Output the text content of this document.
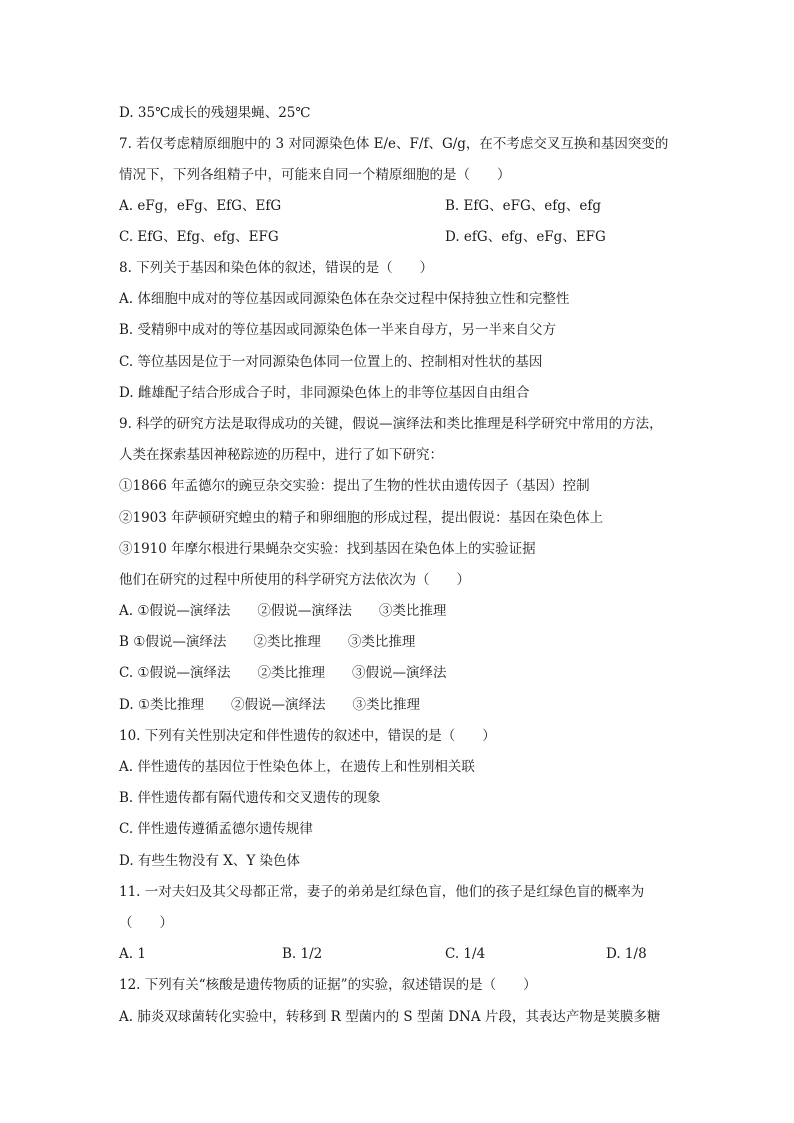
D. 35℃成长的残翅果蝇、25℃
7. 若仅考虑精原细胞中的 3 对同源染色体 E/e、F/f、G/g，在不考虑交叉互换和基因突变的
情况下，下列各组精子中，可能来自同一个精原细胞的是（　　）
A. eFg，eFg、EfG、EfG	B. EfG、eFG、efg、efg
C. EfG、Efg、efg、EFG	D. efG、efg、eFg、EFG
8. 下列关于基因和染色体的叙述，错误的是（　　）
A. 体细胞中成对的等位基因或同源染色体在杂交过程中保持独立性和完整性
B. 受精卵中成对的等位基因或同源染色体一半来自母方，另一半来自父方
C. 等位基因是位于一对同源染色体同一位置上的、控制相对性状的基因
D. 雌雄配子结合形成合子时，非同源染色体上的非等位基因自由组合
9. 科学的研究方法是取得成功的关键，假说—演绎法和类比推理是科学研究中常用的方法，
人类在探索基因神秘踪迹的历程中，进行了如下研究：
①1866 年孟德尔的豌豆杂交实验：提出了生物的性状由遗传因子（基因）控制
②1903 年萨顿研究蝗虫的精子和卵细胞的形成过程，提出假说：基因在染色体上
③1910 年摩尔根进行果蝇杂交实验：找到基因在染色体上的实验证据
他们在研究的过程中所使用的科学研究方法依次为（　　）
A. ①假说—演绎法　　②假说—演绎法　　③类比推理
B ①假说—演绎法　　②类比推理　　③类比推理
C. ①假说—演绎法　　②类比推理　　③假说—演绎法
D. ①类比推理　　②假说—演绎法　　③类比推理
10. 下列有关性别决定和伴性遗传的叙述中，错误的是（　　）
A. 伴性遗传的基因位于性染色体上，在遗传上和性别相关联
B. 伴性遗传都有隔代遗传和交叉遗传的现象
C. 伴性遗传遵循孟德尔遗传规律
D. 有些生物没有 X、Y 染色体
11. 一对夫妇及其父母都正常，妻子的弟弟是红绿色盲，他们的孩子是红绿色盲的概率为
（　　）
A. 1	B. 1/2	C. 1/4	D. 1/8
12. 下列有关“核酸是遗传物质的证据”的实验，叙述错误的是（　　）
A. 肺炎双球菌转化实验中，转移到 R 型菌内的 S 型菌 DNA 片段，其表达产物是荚膜多糖
